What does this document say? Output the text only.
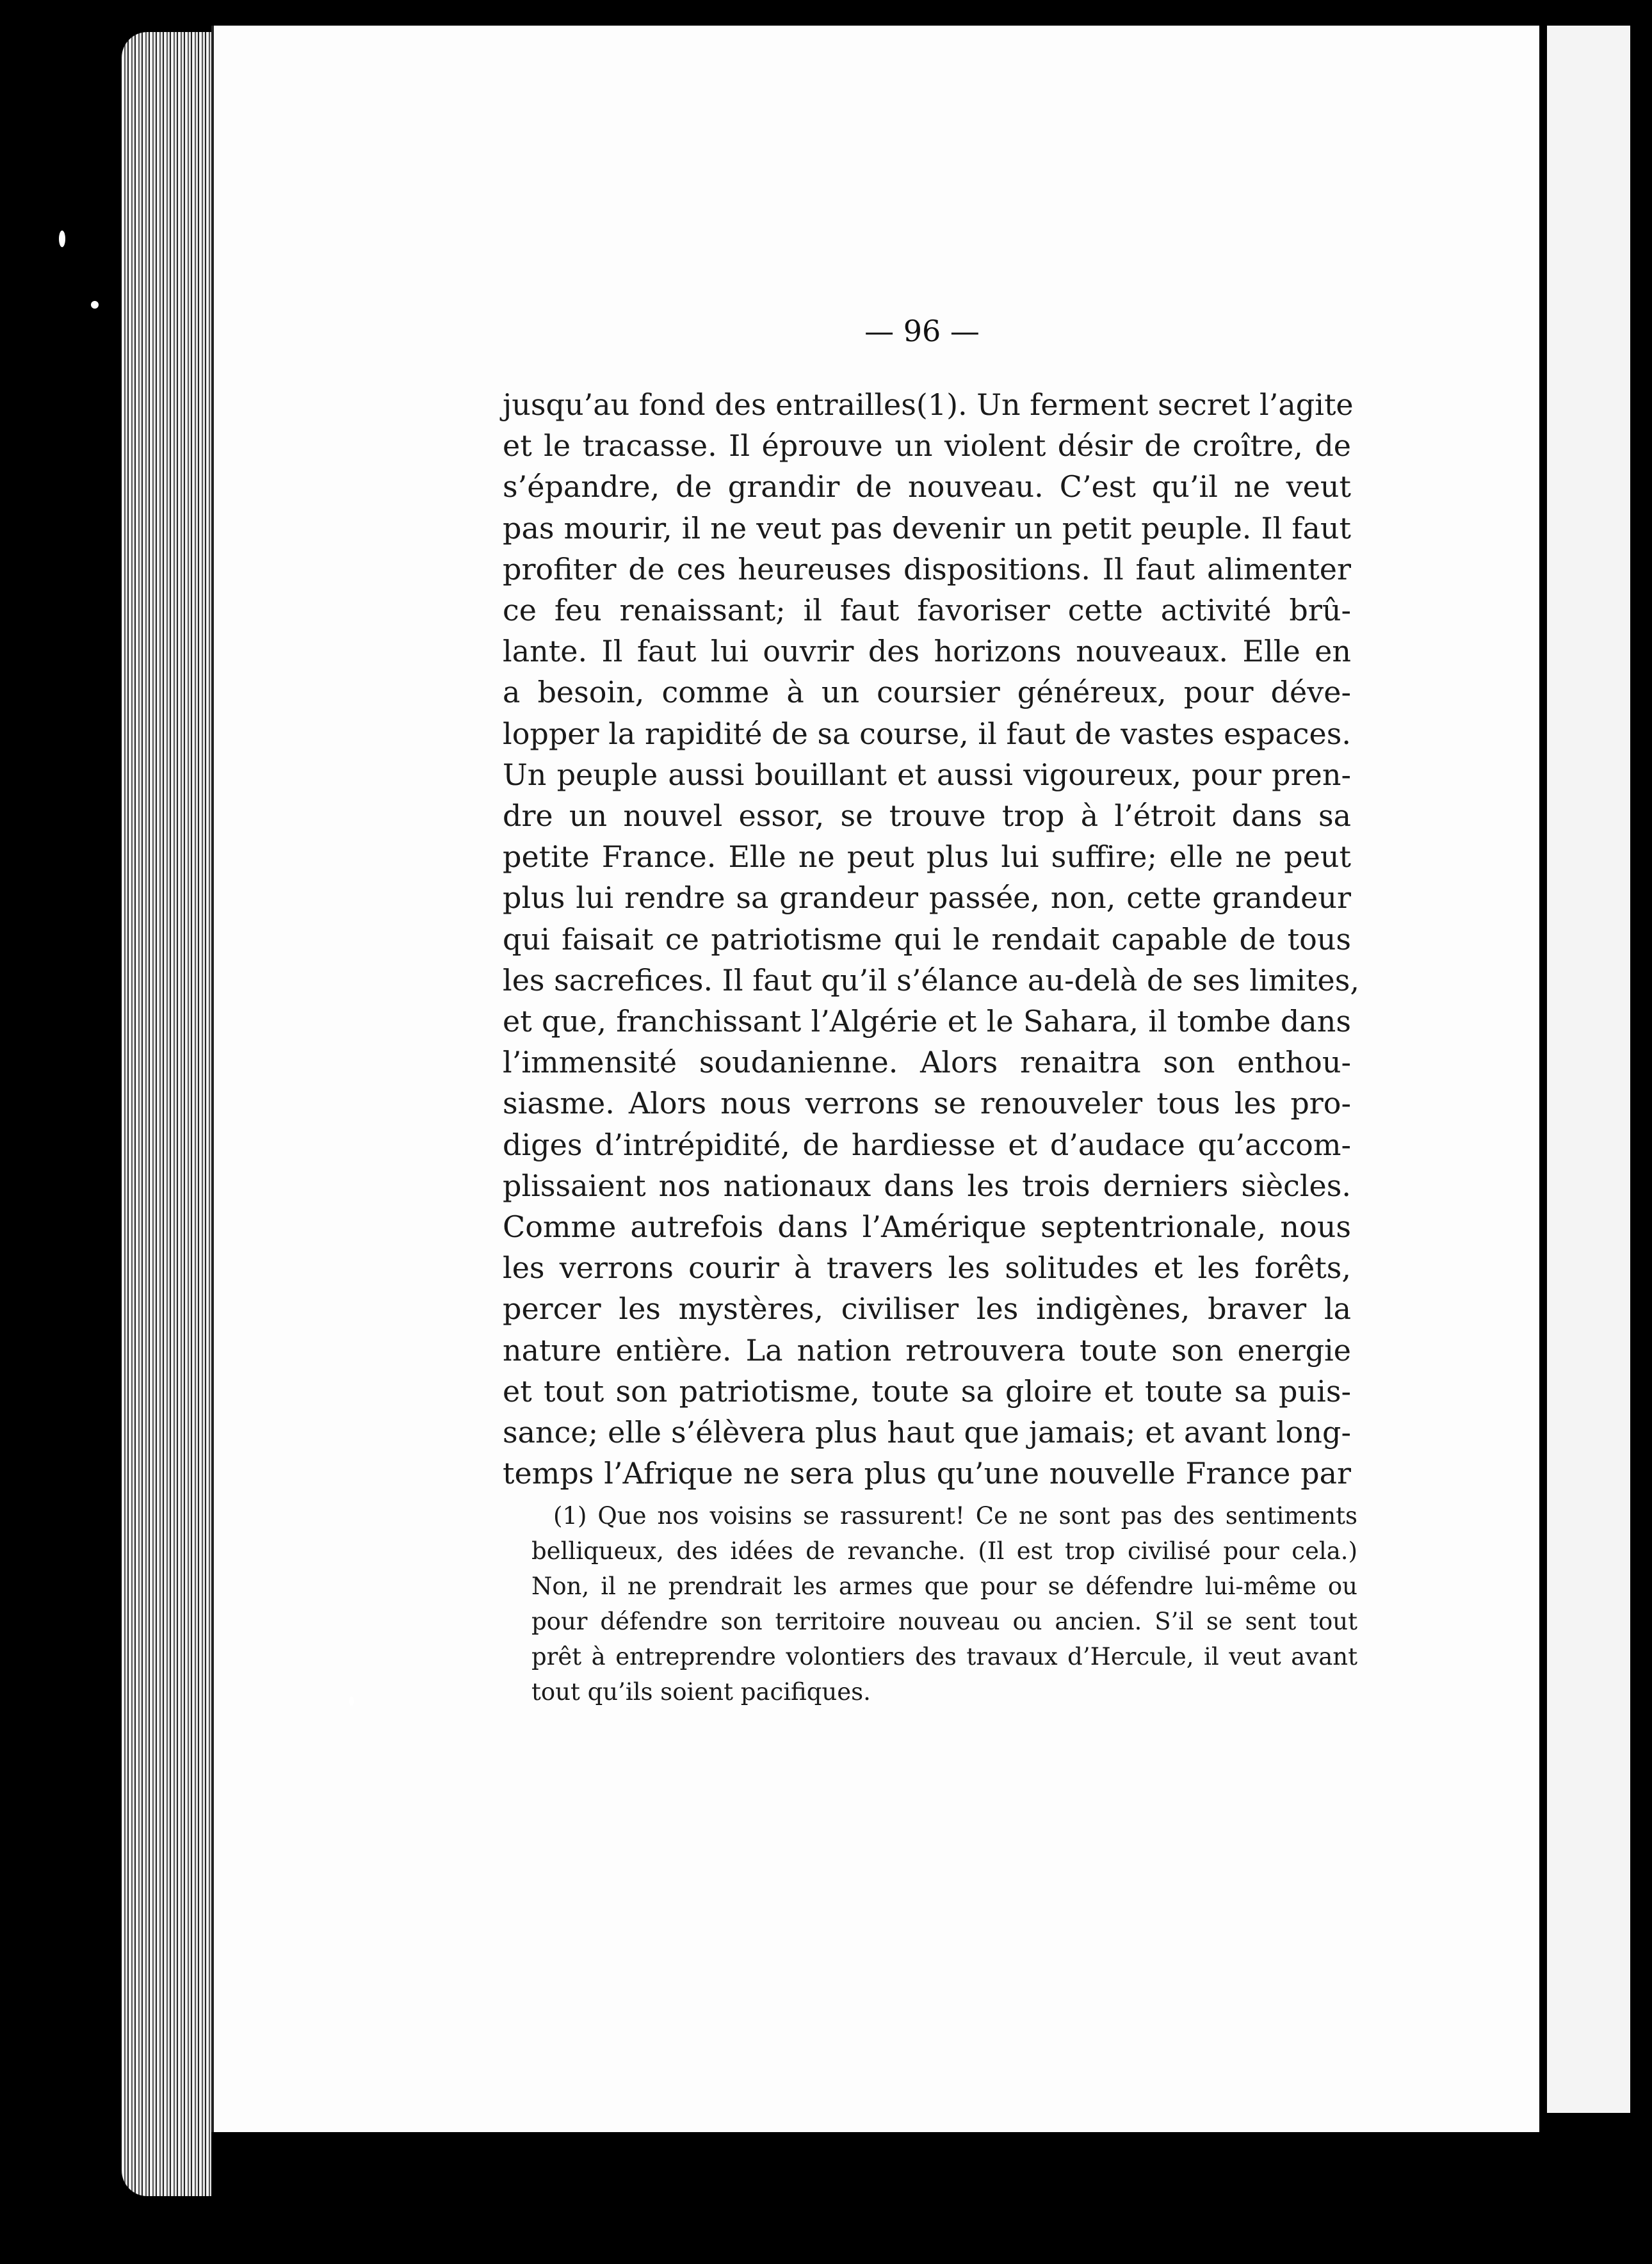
— 96 —
jusqu’au fond des entrailles(1). Un ferment secret l’agite
et le tracasse. Il éprouve un violent désir de croître, de
s’épandre, de grandir de nouveau. C’est qu’il ne veut
pas mourir, il ne veut pas devenir un petit peuple. Il faut
profiter de ces heureuses dispositions. Il faut alimenter
ce feu renaissant; il faut favoriser cette activité brû-
lante. Il faut lui ouvrir des horizons nouveaux. Elle en
a besoin, comme à un coursier généreux, pour déve-
lopper la rapidité de sa course, il faut de vastes espaces.
Un peuple aussi bouillant et aussi vigoureux, pour pren-
dre un nouvel essor, se trouve trop à l’étroit dans sa
petite France. Elle ne peut plus lui suffire; elle ne peut
plus lui rendre sa grandeur passée, non, cette grandeur
qui faisait ce patriotisme qui le rendait capable de tous
les sacrefices. Il faut qu’il s’élance au-delà de ses limites,
et que, franchissant l’Algérie et le Sahara, il tombe dans
l’immensité soudanienne. Alors renaitra son enthou-
siasme. Alors nous verrons se renouveler tous les pro-
diges d’intrépidité, de hardiesse et d’audace qu’accom-
plissaient nos nationaux dans les trois derniers siècles.
Comme autrefois dans l’Amérique septentrionale, nous
les verrons courir à travers les solitudes et les forêts,
percer les mystères, civiliser les indigènes, braver la
nature entière. La nation retrouvera toute son energie
et tout son patriotisme, toute sa gloire et toute sa puis-
sance; elle s’élèvera plus haut que jamais; et avant long-
temps l’Afrique ne sera plus qu’une nouvelle France par
(1) Que nos voisins se rassurent! Ce ne sont pas des sentiments
belliqueux, des idées de revanche. (Il est trop civilisé pour cela.)
Non, il ne prendrait les armes que pour se défendre lui-même ou
pour défendre son territoire nouveau ou ancien. S’il se sent tout
prêt à entreprendre volontiers des travaux d’Hercule, il veut avant
tout qu’ils soient pacifiques.
